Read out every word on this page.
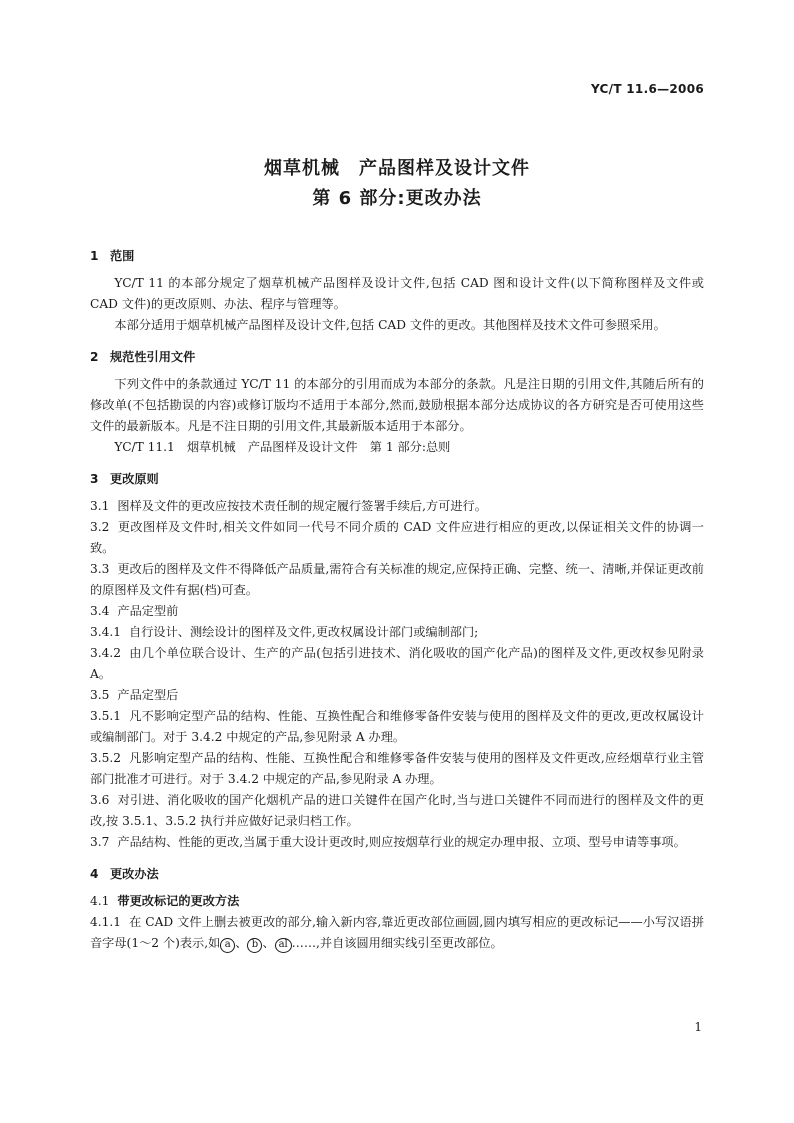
YC/T 11.6—2006
烟草机械　产品图样及设计文件
第 6 部分:更改办法
1 范围
YC/T 11 的本部分规定了烟草机械产品图样及设计文件,包括 CAD 图和设计文件(以下简称图样及文件或 CAD 文件)的更改原则、办法、程序与管理等。
本部分适用于烟草机械产品图样及设计文件,包括 CAD 文件的更改。其他图样及技术文件可参照采用。
2 规范性引用文件
下列文件中的条款通过 YC/T 11 的本部分的引用而成为本部分的条款。凡是注日期的引用文件,其随后所有的修改单(不包括勘误的内容)或修订版均不适用于本部分,然而,鼓励根据本部分达成协议的各方研究是否可使用这些文件的最新版本。凡是不注日期的引用文件,其最新版本适用于本部分。
YC/T 11.1　烟草机械　产品图样及设计文件　第 1 部分:总则
3 更改原则
3.1 图样及文件的更改应按技术责任制的规定履行签署手续后,方可进行。
3.2 更改图样及文件时,相关文件如同一代号不同介质的 CAD 文件应进行相应的更改,以保证相关文件的协调一致。
3.3 更改后的图样及文件不得降低产品质量,需符合有关标准的规定,应保持正确、完整、统一、清晰,并保证更改前的原图样及文件有据(档)可查。
3.4 产品定型前
3.4.1 自行设计、测绘设计的图样及文件,更改权属设计部门或编制部门;
3.4.2 由几个单位联合设计、生产的产品(包括引进技术、消化吸收的国产化产品)的图样及文件,更改权参见附录 A。
3.5 产品定型后
3.5.1 凡不影响定型产品的结构、性能、互换性配合和维修零备件安装与使用的图样及文件的更改,更改权属设计或编制部门。对于 3.4.2 中规定的产品,参见附录 A 办理。
3.5.2 凡影响定型产品的结构、性能、互换性配合和维修零备件安装与使用的图样及文件更改,应经烟草行业主管部门批准才可进行。对于 3.4.2 中规定的产品,参见附录 A 办理。
3.6 对引进、消化吸收的国产化烟机产品的进口关键件在国产化时,当与进口关键件不同而进行的图样及文件的更改,按 3.5.1、3.5.2 执行并应做好记录归档工作。
3.7 产品结构、性能的更改,当属于重大设计更改时,则应按烟草行业的规定办理申报、立项、型号申请等事项。
4 更改办法
4.1 带更改标记的更改方法
4.1.1 在 CAD 文件上删去被更改的部分,输入新内容,靠近更改部位画圆,圆内填写相应的更改标记——小写汉语拼音字母(1～2 个)表示,如 a 、 b 、 al ……,并自该圆用细实线引至更改部位。
1
